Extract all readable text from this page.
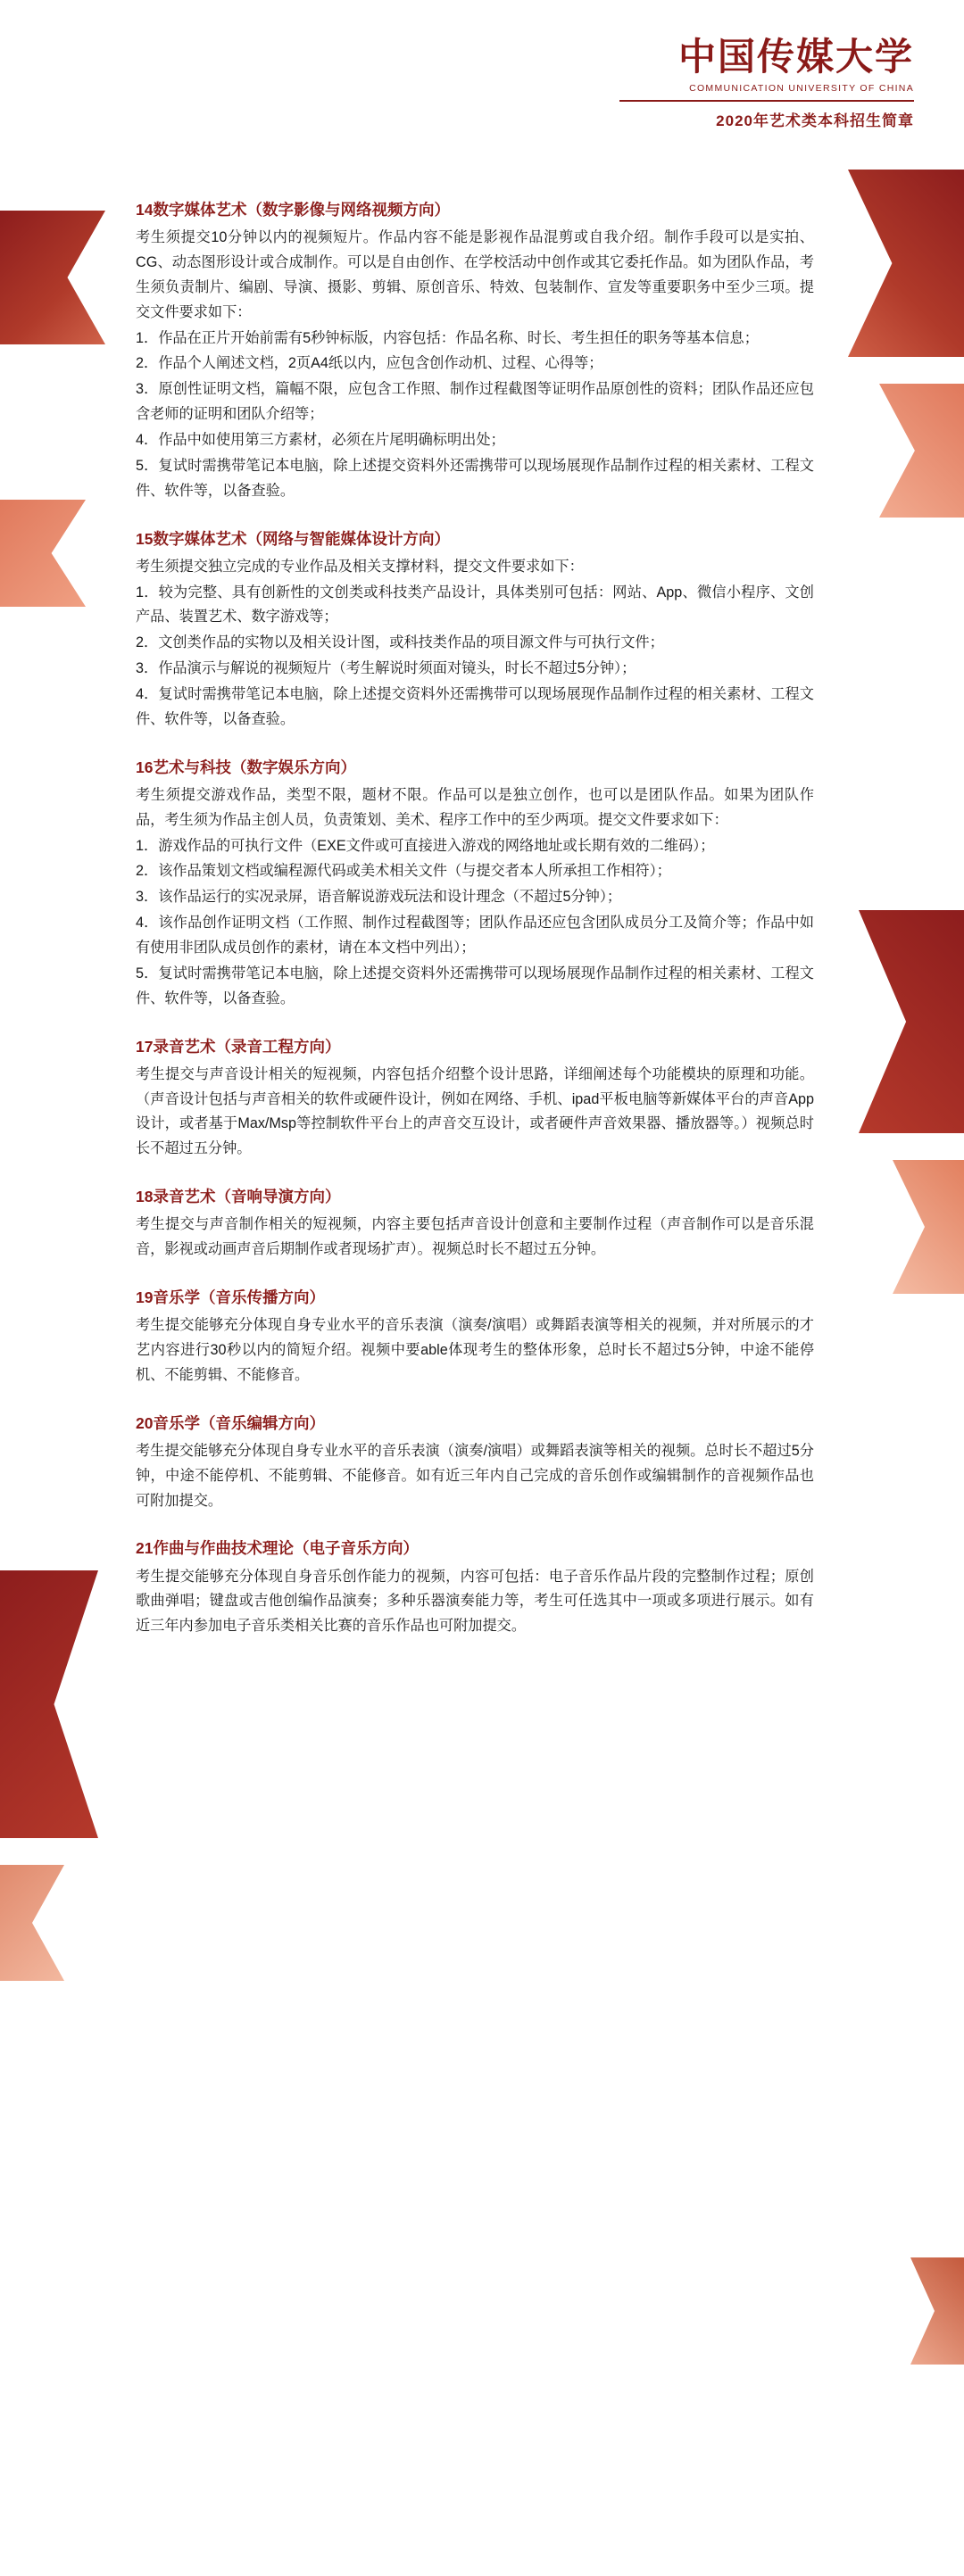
中国传媒大学
COMMUNICATION UNIVERSITY OF CHINA
2020年艺术类本科招生简章
14数字媒体艺术（数字影像与网络视频方向）

考生须提交10分钟以内的视频短片。作品内容不能是影视作品混剪或自我介绍。制作手段可以是实拍、CG、动态图形设计或合成制作。可以是自由创作、在学校活动中创作或其它委托作品。如为团队作品，考生须负责制片、编剧、导演、摄影、剪辑、原创音乐、特效、包装制作、宣发等重要职务中至少三项。提交文件要求如下：

1．作品在正片开始前需有5秒钟标版，内容包括：作品名称、时长、考生担任的职务等基本信息；

2．作品个人阐述文档，2页A4纸以内，应包含创作动机、过程、心得等；

3．原创性证明文档，篇幅不限，应包含工作照、制作过程截图等证明作品原创性的资料；团队作品还应包含老师的证明和团队介绍等；

4．作品中如使用第三方素材，必须在片尾明确标明出处；

5．复试时需携带笔记本电脑，除上述提交资料外还需携带可以现场展现作品制作过程的相关素材、工程文件、软件等，以备查验。

15数字媒体艺术（网络与智能媒体设计方向）

考生须提交独立完成的专业作品及相关支撑材料，提交文件要求如下：

1．较为完整、具有创新性的文创类或科技类产品设计，具体类别可包括：网站、App、微信小程序、文创产品、装置艺术、数字游戏等；

2．文创类作品的实物以及相关设计图，或科技类作品的项目源文件与可执行文件；

3．作品演示与解说的视频短片（考生解说时须面对镜头，时长不超过5分钟）；

4．复试时需携带笔记本电脑，除上述提交资料外还需携带可以现场展现作品制作过程的相关素材、工程文件、软件等，以备查验。

16艺术与科技（数字娱乐方向）

考生须提交游戏作品，类型不限，题材不限。作品可以是独立创作，也可以是团队作品。如果为团队作品，考生须为作品主创人员，负责策划、美术、程序工作中的至少两项。提交文件要求如下：

1．游戏作品的可执行文件（EXE文件或可直接进入游戏的网络地址或长期有效的二维码）；

2．该作品策划文档或编程源代码或美术相关文件（与提交者本人所承担工作相符）；

3．该作品运行的实况录屏，语音解说游戏玩法和设计理念（不超过5分钟）；

4．该作品创作证明文档（工作照、制作过程截图等；团队作品还应包含团队成员分工及简介等；作品中如有使用非团队成员创作的素材，请在本文档中列出）；

5．复试时需携带笔记本电脑，除上述提交资料外还需携带可以现场展现作品制作过程的相关素材、工程文件、软件等，以备查验。

17录音艺术（录音工程方向）

考生提交与声音设计相关的短视频，内容包括介绍整个设计思路，详细阐述每个功能模块的原理和功能。（声音设计包括与声音相关的软件或硬件设计，例如在网络、手机、ipad平板电脑等新媒体平台的声音App设计，或者基于Max/Msp等控制软件平台上的声音交互设计，或者硬件声音效果器、播放器等。）视频总时长不超过五分钟。

18录音艺术（音响导演方向）

考生提交与声音制作相关的短视频，内容主要包括声音设计创意和主要制作过程（声音制作可以是音乐混音，影视或动画声音后期制作或者现场扩声）。视频总时长不超过五分钟。

19音乐学（音乐传播方向）

考生提交能够充分体现自身专业水平的音乐表演（演奏/演唱）或舞蹈表演等相关的视频，并对所展示的才艺内容进行30秒以内的简短介绍。视频中要able体现考生的整体形象，总时长不超过5分钟，中途不能停机、不能剪辑、不能修音。

20音乐学（音乐编辑方向）

考生提交能够充分体现自身专业水平的音乐表演（演奏/演唱）或舞蹈表演等相关的视频。总时长不超过5分钟，中途不能停机、不能剪辑、不能修音。如有近三年内自己完成的音乐创作或编辑制作的音视频作品也可附加提交。

21作曲与作曲技术理论（电子音乐方向）

考生提交能够充分体现自身音乐创作能力的视频，内容可包括：电子音乐作品片段的完整制作过程；原创歌曲弹唱；键盘或吉他创编作品演奏；多种乐器演奏能力等，考生可任选其中一项或多项进行展示。如有近三年内参加电子音乐类相关比赛的音乐作品也可附加提交。
